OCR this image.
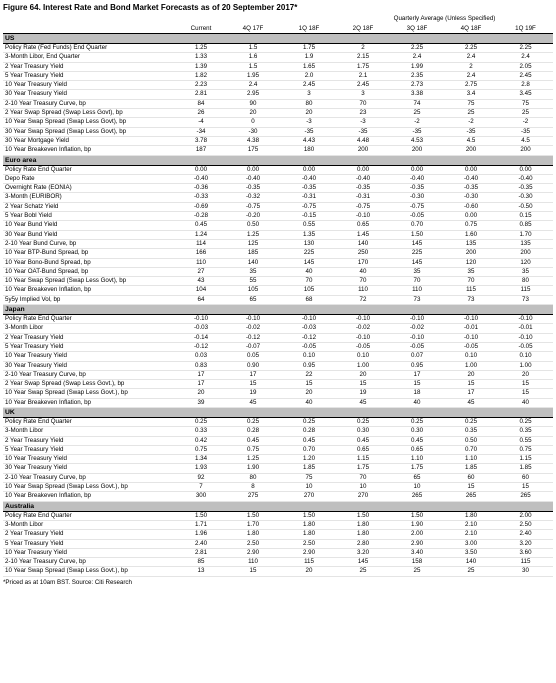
Figure 64. Interest Rate and Bond Market Forecasts as of 20 September 2017*
				Quarterly Average (Unless Specified)			
	Current	4Q 17F	1Q 18F	2Q 18F	3Q 18F	4Q 18F	1Q 19F
US							
Policy Rate (Fed Funds) End Quarter	1.25	1.5	1.75	2	2.25	2.25	2.25
3-Month Libor, End Quarter	1.33	1.6	1.9	2.15	2.4	2.4	2.4
2 Year Treasury Yield	1.39	1.5	1.65	1.75	1.99	2	2.05
5 Year Treasury Yield	1.82	1.95	2.0	2.1	2.35	2.4	2.45
10 Year Treasury Yield	2.23	2.4	2.45	2.45	2.73	2.75	2.8
30 Year Treasury Yield	2.81	2.95	3	3	3.38	3.4	3.45
2-10 Year Treasury Curve, bp	84	90	80	70	74	75	75
2 Year Swap Spread (Swap Less Govt), bp	26	20	20	23	25	25	25
10 Year Swap Spread (Swap Less Govt), bp	-4	0	-3	-3	-2	-2	-2
30 Year Swap Spread (Swap Less Govt), bp	-34	-30	-35	-35	-35	-35	-35
30 Year Mortgage Yield	3.78	4.38	4.43	4.48	4.53	4.5	4.5
10 Year Breakeven Inflation, bp	187	175	180	200	200	200	200
Euro area							
Policy Rate End Quarter	0.00	0.00	0.00	0.00	0.00	0.00	0.00
Depo Rate	-0.40	-0.40	-0.40	-0.40	-0.40	-0.40	-0.40
Overnight Rate (EONIA)	-0.36	-0.35	-0.35	-0.35	-0.35	-0.35	-0.35
3-Month (EURIBOR)	-0.33	-0.32	-0.31	-0.31	-0.30	-0.30	-0.30
2 Year Schatz Yield	-0.69	-0.75	-0.75	-0.75	-0.75	-0.60	-0.50
5 Year Bobl Yield	-0.28	-0.20	-0.15	-0.10	-0.05	0.00	0.15
10 Year Bund Yield	0.45	0.50	0.55	0.65	0.70	0.75	0.85
30 Year Bund Yield	1.24	1.25	1.35	1.45	1.50	1.60	1.70
2-10 Year Bund Curve, bp	114	125	130	140	145	135	135
10 Year BTP-Bund Spread, bp	166	185	225	250	225	200	200
10 Year Bono-Bund Spread, bp	110	140	145	170	145	120	120
10 Year OAT-Bund Spread, bp	27	35	40	40	35	35	35
10 Year Swap Spread (Swap Less Govt), bp	43	55	70	70	70	70	80
10 Year Breakeven Inflation, bp	104	105	105	110	110	115	115
5y5y Implied Vol, bp	64	65	68	72	73	73	73
Japan							
Policy Rate End Quarter	-0.10	-0.10	-0.10	-0.10	-0.10	-0.10	-0.10
3-Month Libor	-0.03	-0.02	-0.03	-0.02	-0.02	-0.01	-0.01
2 Year Treasury Yield	-0.14	-0.12	-0.12	-0.10	-0.10	-0.10	-0.10
5 Year Treasury Yield	-0.12	-0.07	-0.05	-0.05	-0.05	-0.05	-0.05
10 Year Treasury Yield	0.03	0.05	0.10	0.10	0.07	0.10	0.10
30 Year Treasury Yield	0.83	0.90	0.95	1.00	0.95	1.00	1.00
2-10 Year Treasury Curve, bp	17	17	22	20	17	20	20
2 Year Swap Spread (Swap Less Govt.), bp	17	15	15	15	15	15	15
10 Year Swap Spread (Swap Less Govt.), bp	20	19	20	19	18	17	15
10 Year Breakeven Inflation, bp	39	45	40	45	40	45	40
UK							
Policy Rate End Quarter	0.25	0.25	0.25	0.25	0.25	0.25	0.25
3-Month Libor	0.33	0.28	0.28	0.30	0.30	0.35	0.35
2 Year Treasury Yield	0.42	0.45	0.45	0.45	0.45	0.50	0.55
5 Year Treasury Yield	0.75	0.75	0.70	0.65	0.65	0.70	0.75
10 Year Treasury Yield	1.34	1.25	1.20	1.15	1.10	1.10	1.15
30 Year Treasury Yield	1.93	1.90	1.85	1.75	1.75	1.85	1.85
2-10 Year Treasury Curve, bp	92	80	75	70	65	60	60
10 Year Swap Spread (Swap Less Govt.), bp	7	8	10	10	10	15	15
10 Year Breakeven Inflation, bp	300	275	270	270	265	265	265
Australia							
Policy Rate End Quarter	1.50	1.50	1.50	1.50	1.50	1.80	2.00
3-Month Libor	1.71	1.70	1.80	1.80	1.90	2.10	2.50
2 Year Treasury Yield	1.96	1.80	1.80	1.80	2.00	2.10	2.40
5 Year Treasury Yield	2.40	2.50	2.50	2.80	2.90	3.00	3.20
10 Year Treasury Yield	2.81	2.90	2.90	3.20	3.40	3.50	3.60
2-10 Year Treasury Curve, bp	85	110	115	145	158	140	115
10 Year Swap Spread (Swap Less Govt.), bp	13	15	20	25	25	25	30
*Priced as at 10am BST. Source: Citi Research
